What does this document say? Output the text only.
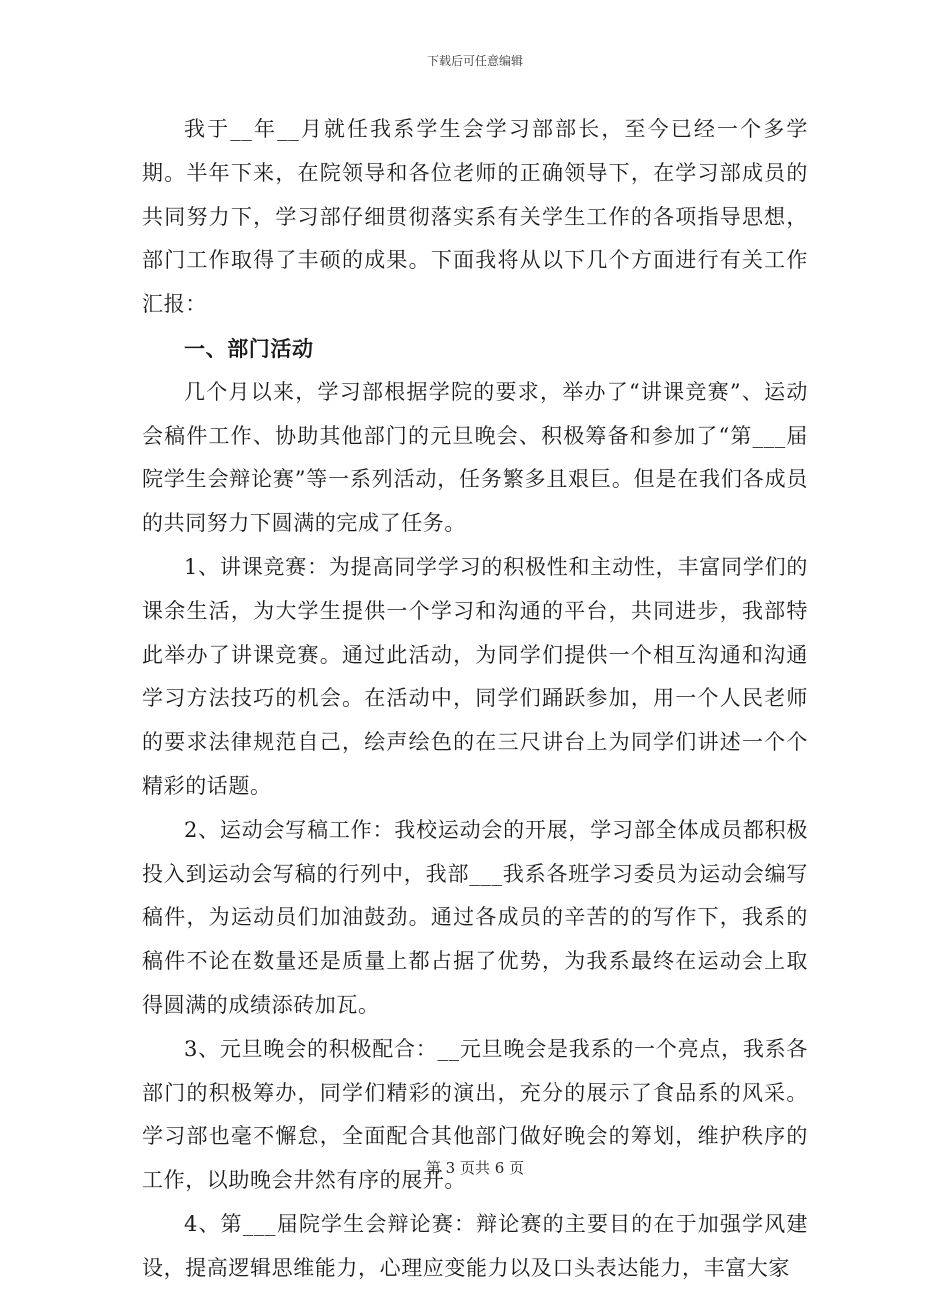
下载后可任意编辑

我于__年__月就任我系学生会学习部部长，至今已经一个多学期。半年下来，在院领导和各位老师的正确领导下，在学习部成员的共同努力下，学习部仔细贯彻落实系有关学生工作的各项指导思想，部门工作取得了丰硕的成果。下面我将从以下几个方面进行有关工作汇报：

一、部门活动

几个月以来，学习部根据学院的要求，举办了“讲课竞赛”、运动会稿件工作、协助其他部门的元旦晚会、积极筹备和参加了“第___届院学生会辩论赛”等一系列活动，任务繁多且艰巨。但是在我们各成员的共同努力下圆满的完成了任务。

1、讲课竞赛：为提高同学学习的积极性和主动性，丰富同学们的课余生活，为大学生提供一个学习和沟通的平台，共同进步，我部特此举办了讲课竞赛。通过此活动，为同学们提供一个相互沟通和沟通学习方法技巧的机会。在活动中，同学们踊跃参加，用一个人民老师的要求法律规范自己，绘声绘色的在三尺讲台上为同学们讲述一个个精彩的话题。

2、运动会写稿工作：我校运动会的开展，学习部全体成员都积极投入到运动会写稿的行列中，我部___我系各班学习委员为运动会编写稿件，为运动员们加油鼓劲。通过各成员的辛苦的的写作下，我系的稿件不论在数量还是质量上都占据了优势，为我系最终在运动会上取得圆满的成绩添砖加瓦。

3、元旦晚会的积极配合：__元旦晚会是我系的一个亮点，我系各部门的积极筹办，同学们精彩的演出，充分的展示了食品系的风采。学习部也毫不懈怠，全面配合其他部门做好晚会的筹划，维护秩序的工作，以助晚会井然有序的展开。

4、第___届院学生会辩论赛：辩论赛的主要目的在于加强学风建设，提高逻辑思维能力，心理应变能力以及口头表达能力，丰富大家

第 3 页共 6 页
